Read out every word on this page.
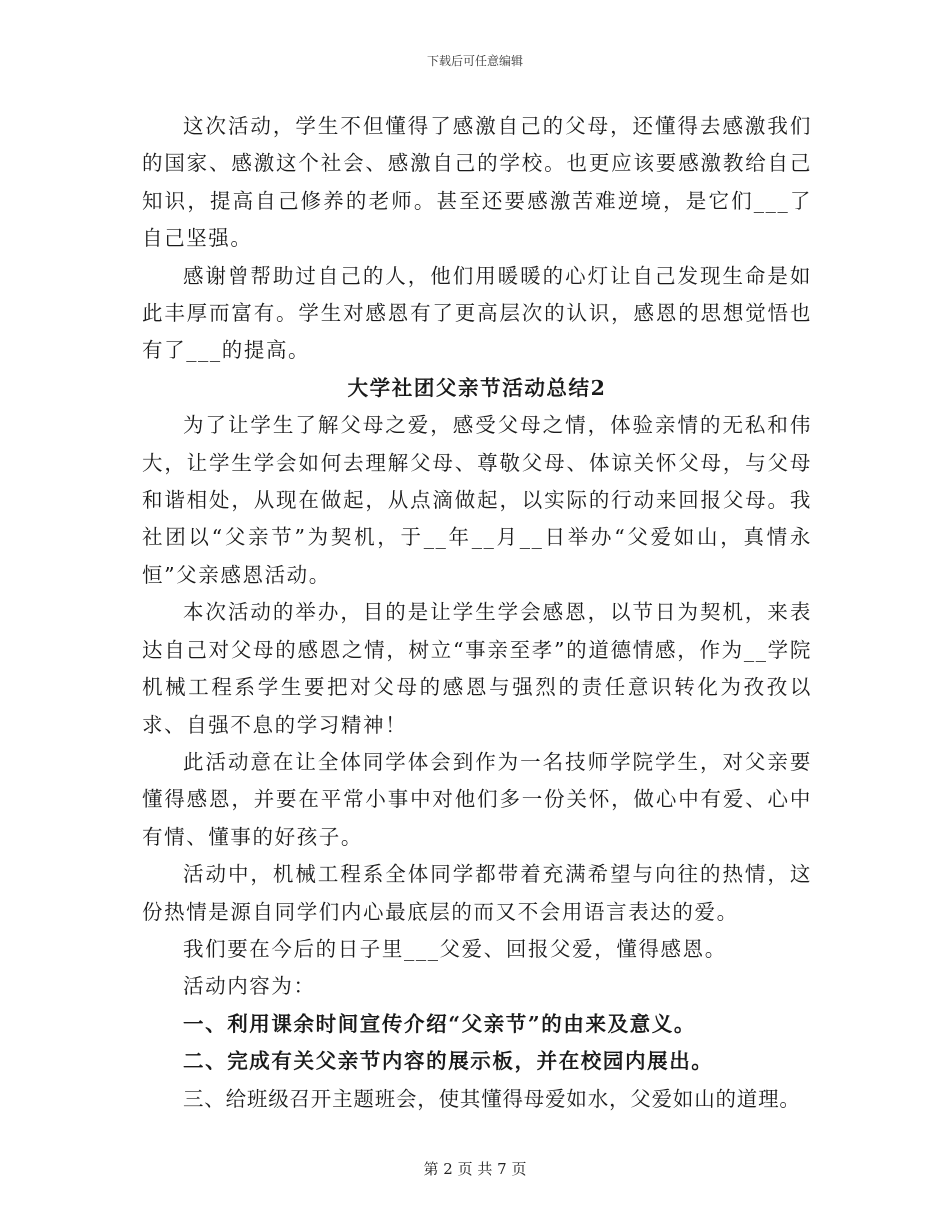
下载后可任意编辑

这次活动，学生不但懂得了感激自己的父母，还懂得去感激我们的国家、感激这个社会、感激自己的学校。也更应该要感激教给自己知识，提高自己修养的老师。甚至还要感激苦难逆境，是它们___了自己坚强。

感谢曾帮助过自己的人，他们用暖暖的心灯让自己发现生命是如此丰厚而富有。学生对感恩有了更高层次的认识，感恩的思想觉悟也有了___的提高。

大学社团父亲节活动总结2

为了让学生了解父母之爱，感受父母之情，体验亲情的无私和伟大，让学生学会如何去理解父母、尊敬父母、体谅关怀父母，与父母和谐相处，从现在做起，从点滴做起，以实际的行动来回报父母。我社团以“父亲节”为契机，于__年__月__日举办“父爱如山，真情永恒”父亲感恩活动。

本次活动的举办，目的是让学生学会感恩，以节日为契机，来表达自己对父母的感恩之情，树立“事亲至孝”的道德情感，作为__学院机械工程系学生要把对父母的感恩与强烈的责任意识转化为孜孜以求、自强不息的学习精神！

此活动意在让全体同学体会到作为一名技师学院学生，对父亲要懂得感恩，并要在平常小事中对他们多一份关怀，做心中有爱、心中有情、懂事的好孩子。

活动中，机械工程系全体同学都带着充满希望与向往的热情，这份热情是源自同学们内心最底层的而又不会用语言表达的爱。

我们要在今后的日子里___父爱、回报父爱，懂得感恩。

活动内容为：

一、利用课余时间宣传介绍“父亲节”的由来及意义。

二、完成有关父亲节内容的展示板，并在校园内展出。

三、给班级召开主题班会，使其懂得母爱如水，父爱如山的道理。

第 2 页 共 7 页
